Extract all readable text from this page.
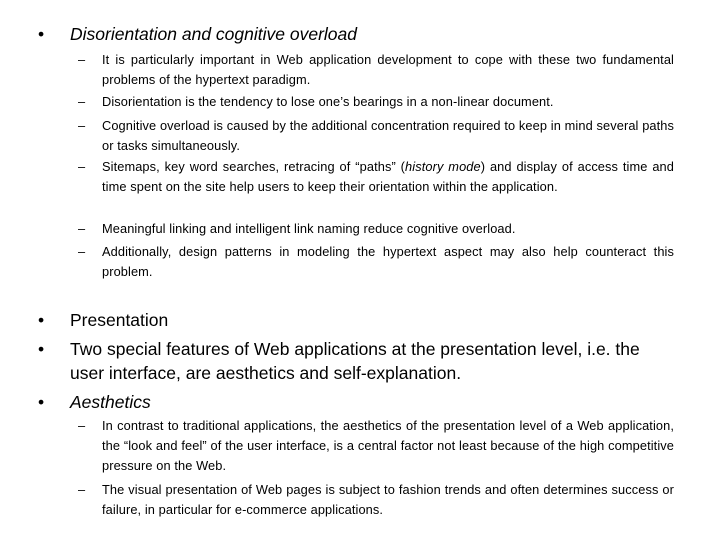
• Disorientation and cognitive overload
– It is particularly important in Web application development to cope with these two fundamental problems of the hypertext paradigm.
– Disorientation is the tendency to lose one’s bearings in a non-linear document.
– Cognitive overload is caused by the additional concentration required to keep in mind several paths or tasks simultaneously.
– Sitemaps, key word searches, retracing of “paths” (history mode) and display of access time and time spent on the site help users to keep their orientation within the application.
– Meaningful linking and intelligent link naming reduce cognitive overload.
– Additionally, design patterns in modeling the hypertext aspect may also help counteract this problem.
• Presentation
• Two special features of Web applications at the presentation level, i.e. the user interface, are aesthetics and self-explanation.
• Aesthetics
– In contrast to traditional applications, the aesthetics of the presentation level of a Web application, the “look and feel” of the user interface, is a central factor not least because of the high competitive pressure on the Web.
– The visual presentation of Web pages is subject to fashion trends and often determines success or failure, in particular for e-commerce applications.
